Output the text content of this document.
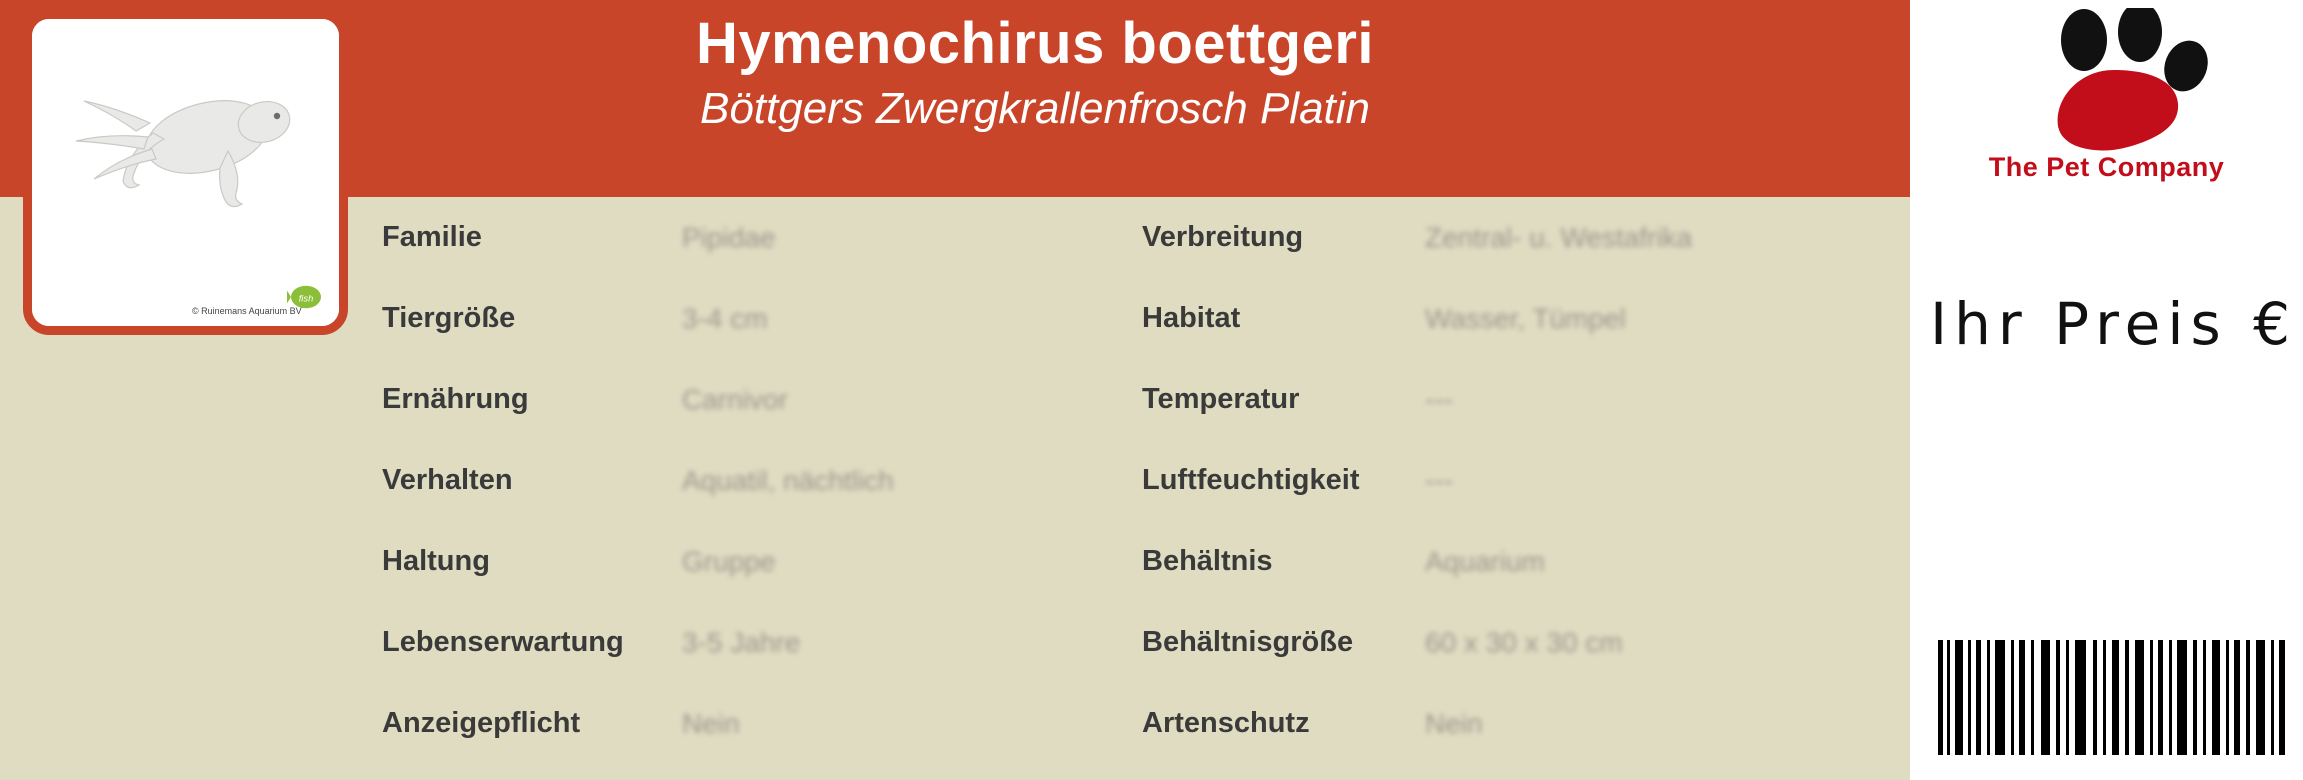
Hymenochirus boettgeri
Böttgers Zwergkrallenfrosch Platin
© Ruinemans Aquarium BV
fish
Familie	Pipidae
Tiergröße	3-4 cm
Ernährung	Carnivor
Verhalten	Aquatil, nächtlich
Haltung	Gruppe
Lebenserwartung	3-5 Jahre
Anzeigepflicht	Nein
Verbreitung	Zentral- u. Westafrika
Habitat	Wasser, Tümpel
Temperatur	---
Luftfeuchtigkeit	---
Behältnis	Aquarium
Behältnisgröße	60 x 30 x 30 cm
Artenschutz	Nein
The Pet Company
Ihr Preis €
